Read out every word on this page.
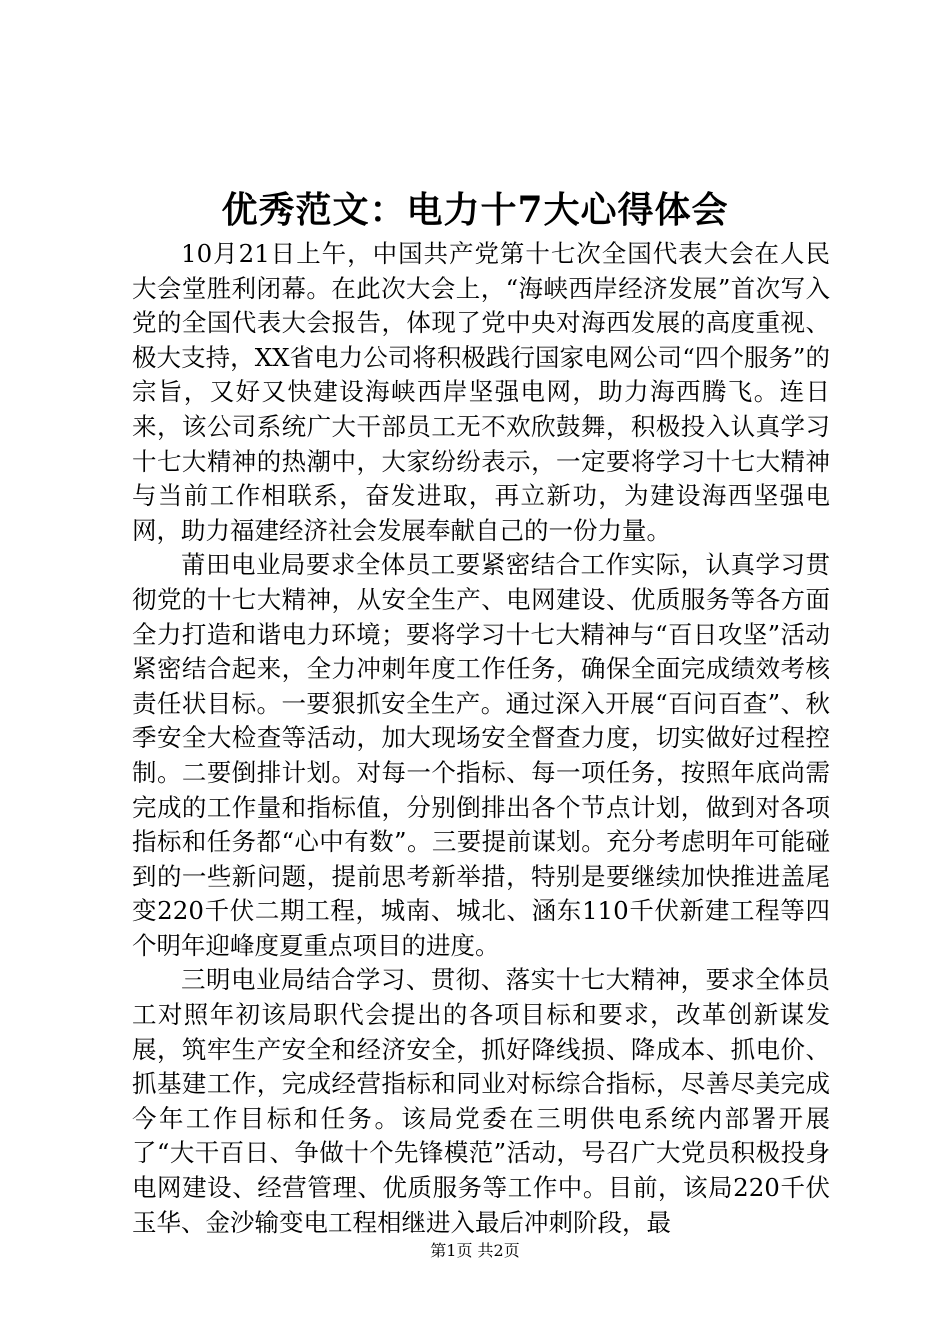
优秀范文：电力十7大心得体会

10月21日上午，中国共产党第十七次全国代表大会在人民大会堂胜利闭幕。在此次大会上，“海峡西岸经济发展”首次写入党的全国代表大会报告，体现了党中央对海西发展的高度重视、极大支持，XX省电力公司将积极践行国家电网公司“四个服务”的宗旨，又好又快建设海峡西岸坚强电网，助力海西腾飞。连日来，该公司系统广大干部员工无不欢欣鼓舞，积极投入认真学习十七大精神的热潮中，大家纷纷表示，一定要将学习十七大精神与当前工作相联系，奋发进取，再立新功，为建设海西坚强电网，助力福建经济社会发展奉献自己的一份力量。

莆田电业局要求全体员工要紧密结合工作实际，认真学习贯彻党的十七大精神，从安全生产、电网建设、优质服务等各方面全力打造和谐电力环境；要将学习十七大精神与“百日攻坚”活动紧密结合起来，全力冲刺年度工作任务，确保全面完成绩效考核责任状目标。一要狠抓安全生产。通过深入开展“百问百查”、秋季安全大检查等活动，加大现场安全督查力度，切实做好过程控制。二要倒排计划。对每一个指标、每一项任务，按照年底尚需完成的工作量和指标值，分别倒排出各个节点计划，做到对各项指标和任务都“心中有数”。三要提前谋划。充分考虑明年可能碰到的一些新问题，提前思考新举措，特别是要继续加快推进盖尾变220千伏二期工程，城南、城北、涵东110千伏新建工程等四个明年迎峰度夏重点项目的进度。

三明电业局结合学习、贯彻、落实十七大精神，要求全体员工对照年初该局职代会提出的各项目标和要求，改革创新谋发展，筑牢生产安全和经济安全，抓好降线损、降成本、抓电价、抓基建工作，完成经营指标和同业对标综合指标，尽善尽美完成今年工作目标和任务。该局党委在三明供电系统内部署开展了“大干百日、争做十个先锋模范”活动，号召广大党员积极投身电网建设、经营管理、优质服务等工作中。目前，该局220千伏玉华、金沙输变电工程相继进入最后冲刺阶段，最

第1页 共2页
